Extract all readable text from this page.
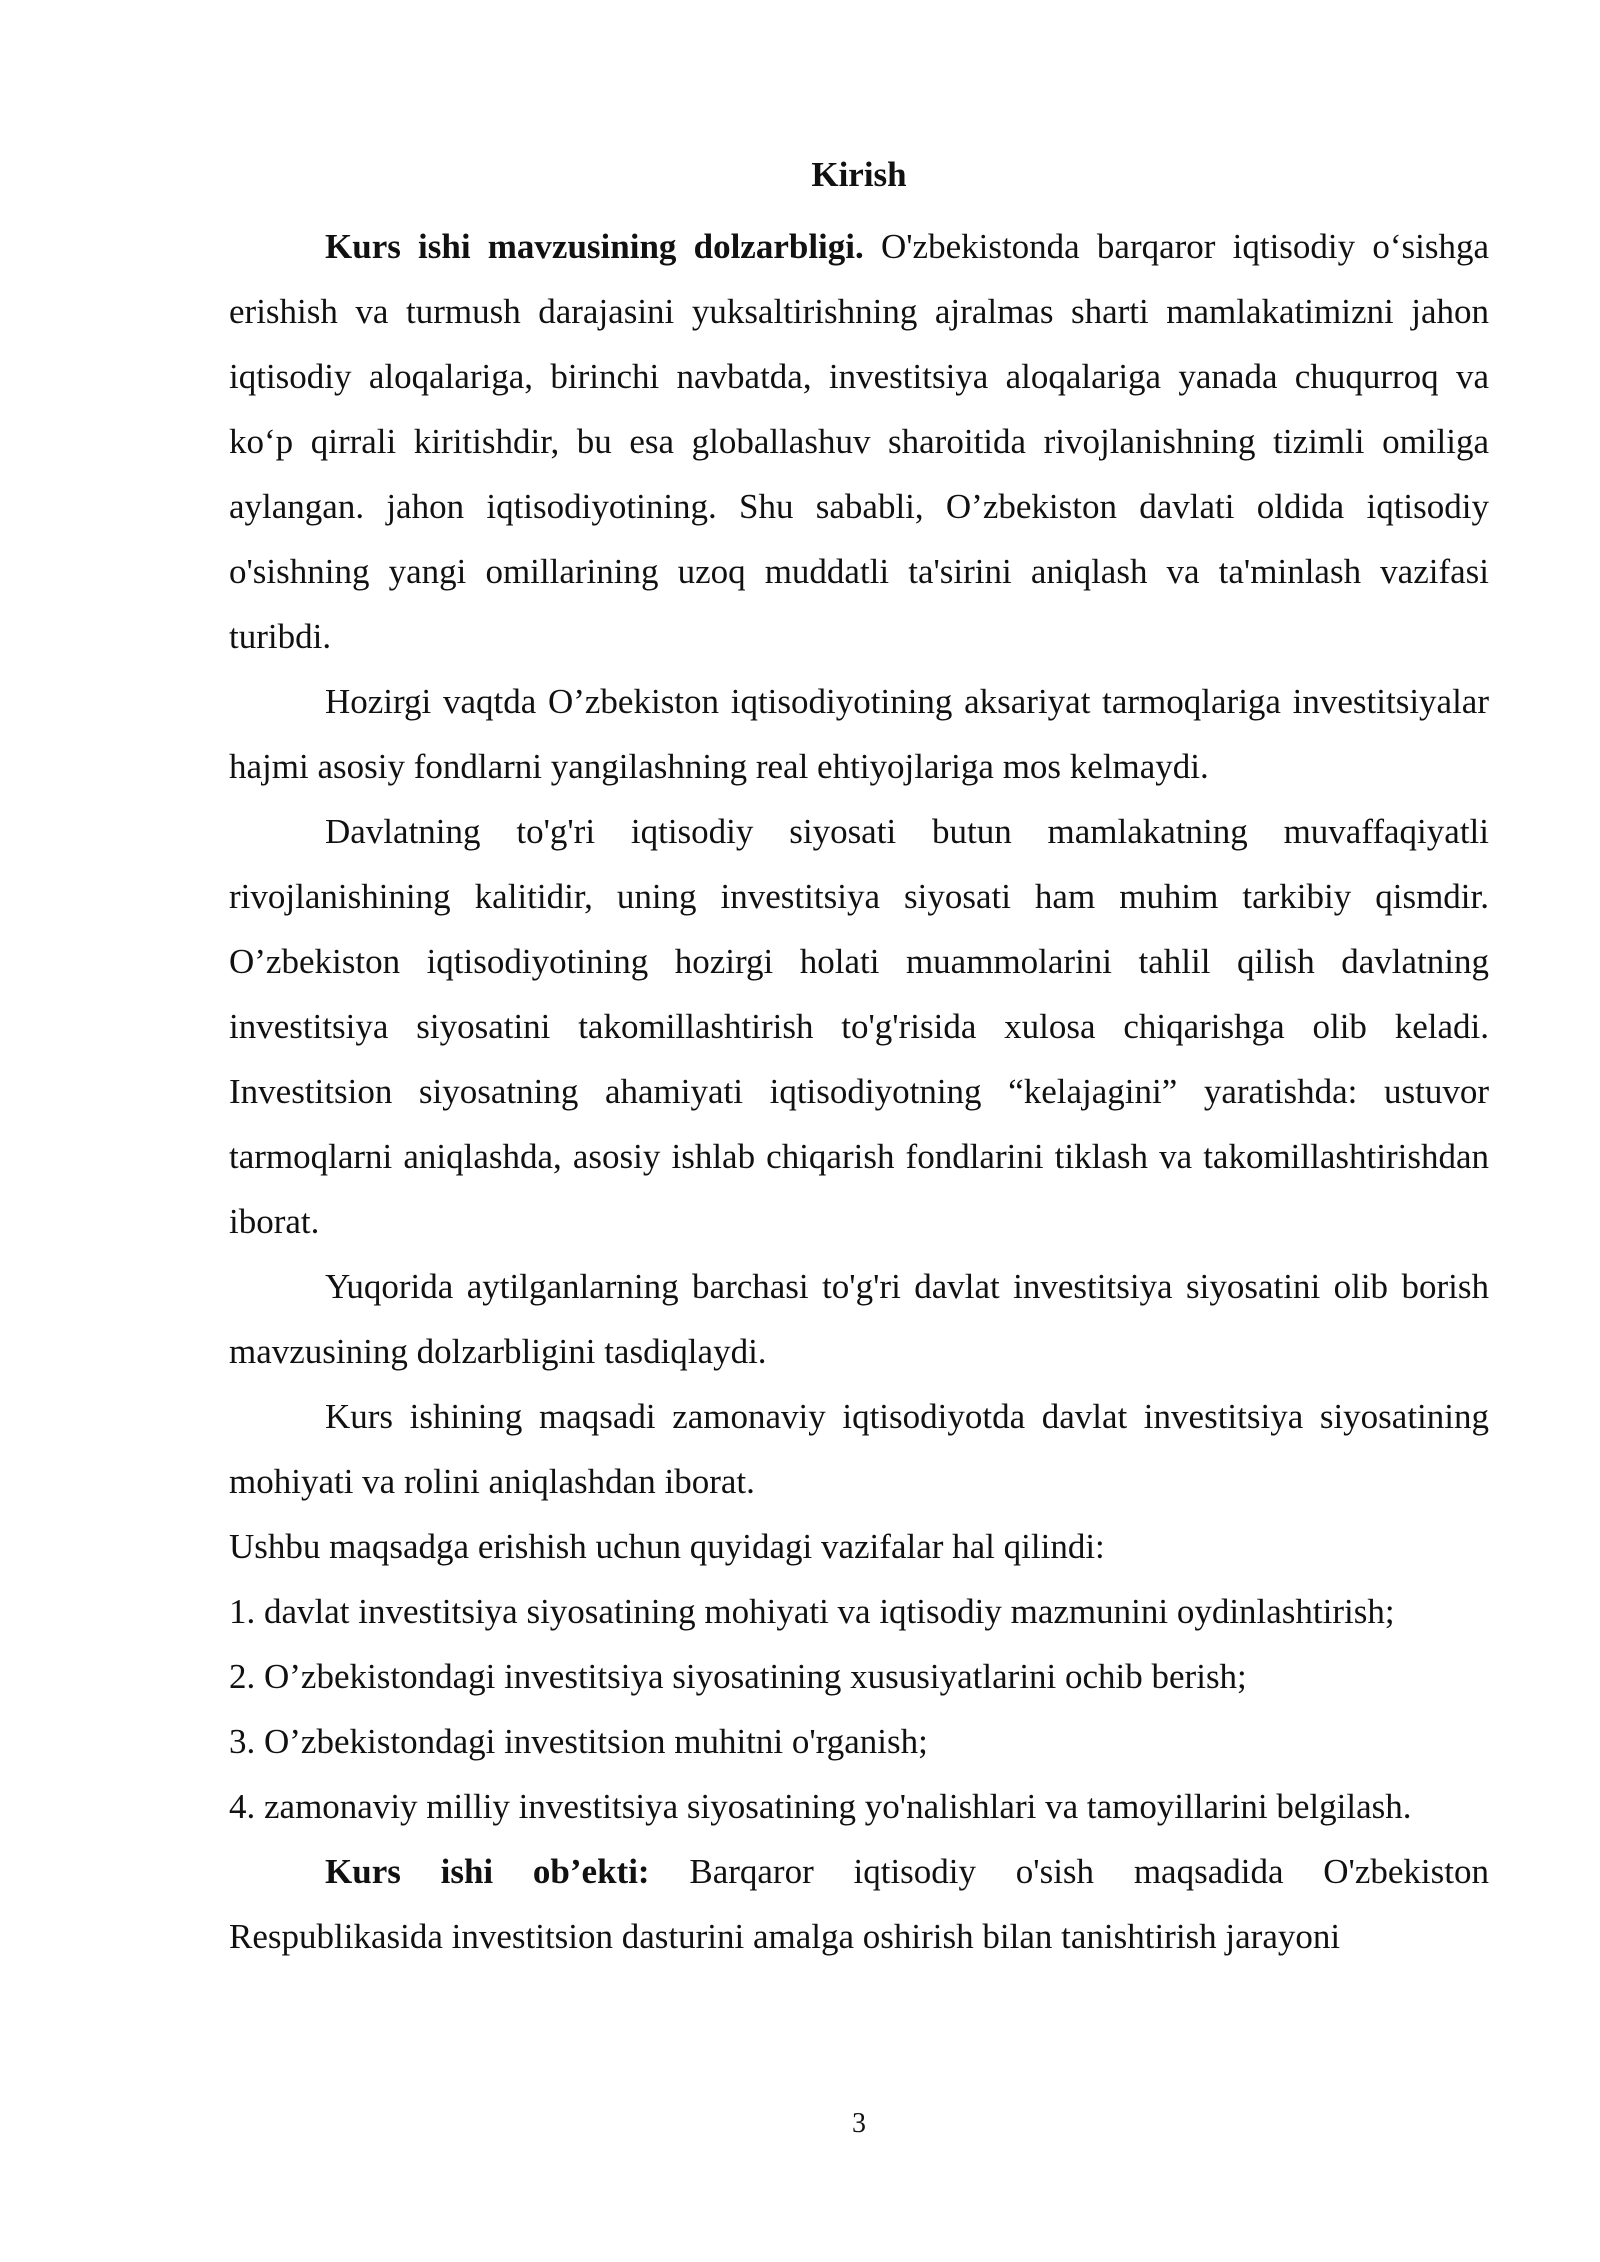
Kirish

Kurs ishi mavzusining dolzarbligi. O'zbekistonda barqaror iqtisodiy o‘sishga erishish va turmush darajasini yuksaltirishning ajralmas sharti mamlakatimizni jahon iqtisodiy aloqalariga, birinchi navbatda, investitsiya aloqalariga yanada chuqurroq va ko‘p qirrali kiritishdir, bu esa globallashuv sharoitida rivojlanishning tizimli omiliga aylangan. jahon iqtisodiyotining. Shu sababli, O’zbekiston davlati oldida iqtisodiy o'sishning yangi omillarining uzoq muddatli ta'sirini aniqlash va ta'minlash vazifasi turibdi.

Hozirgi vaqtda O’zbekiston iqtisodiyotining aksariyat tarmoqlariga investitsiyalar hajmi asosiy fondlarni yangilashning real ehtiyojlariga mos kelmaydi.

Davlatning to'g'ri iqtisodiy siyosati butun mamlakatning muvaffaqiyatli rivojlanishining kalitidir, uning investitsiya siyosati ham muhim tarkibiy qismdir. O’zbekiston iqtisodiyotining hozirgi holati muammolarini tahlil qilish davlatning investitsiya siyosatini takomillashtirish to'g'risida xulosa chiqarishga olib keladi. Investitsion siyosatning ahamiyati iqtisodiyotning “kelajagini” yaratishda: ustuvor tarmoqlarni aniqlashda, asosiy ishlab chiqarish fondlarini tiklash va takomillashtirishdan iborat.

Yuqorida aytilganlarning barchasi to'g'ri davlat investitsiya siyosatini olib borish mavzusining dolzarbligini tasdiqlaydi.

Kurs ishining maqsadi zamonaviy iqtisodiyotda davlat investitsiya siyosatining mohiyati va rolini aniqlashdan iborat.

Ushbu maqsadga erishish uchun quyidagi vazifalar hal qilindi:

1. davlat investitsiya siyosatining mohiyati va iqtisodiy mazmunini oydinlashtirish;

2. O’zbekistondagi investitsiya siyosatining xususiyatlarini ochib berish;

3. O’zbekistondagi investitsion muhitni o'rganish;

4. zamonaviy milliy investitsiya siyosatining yo'nalishlari va tamoyillarini belgilash.

Kurs ishi ob’ekti: Barqaror iqtisodiy o'sish maqsadida O'zbekiston Respublikasida investitsion dasturini amalga oshirish bilan tanishtirish jarayoni

3
